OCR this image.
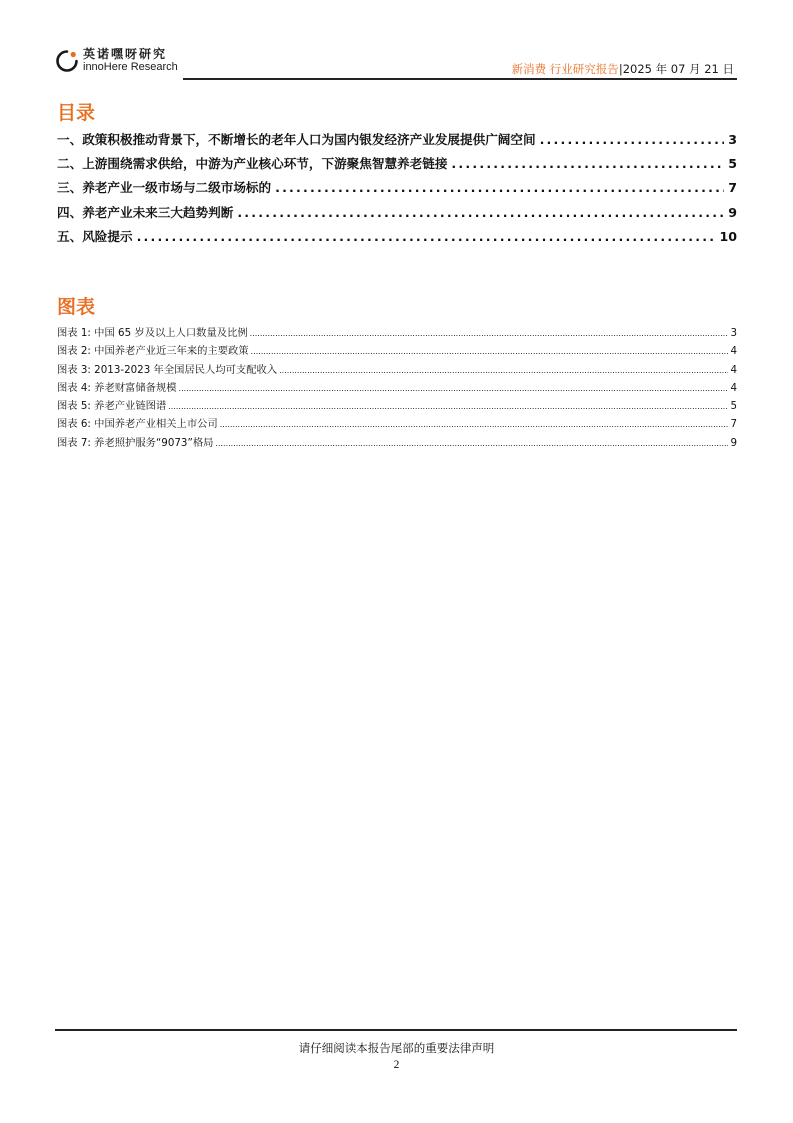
英诺嘿呀研究
innoHere Research	新消费 行业研究报告|2025 年 07 月 21 日
目录
一、政策积极推动背景下，不断增长的老年人口为国内银发经济产业发展提供广阔空间 .....	3
二、上游围绕需求供给，中游为产业核心环节，下游聚焦智慧养老链接 .....	5
三、养老产业一级市场与二级市场标的 .....	7
四、养老产业未来三大趋势判断 .....	9
五、风险提示 .....	10
图表
图表 1: 中国 65 岁及以上人口数量及比例 .....	3
图表 2: 中国养老产业近三年来的主要政策 .....	4
图表 3: 2013-2023 年全国居民人均可支配收入 .....	4
图表 4: 养老财富储备规模 .....	4
图表 5: 养老产业链图谱 .....	5
图表 6: 中国养老产业相关上市公司 .....	7
图表 7: 养老照护服务“9073”格局 .....	9
请仔细阅读本报告尾部的重要法律声明
2
